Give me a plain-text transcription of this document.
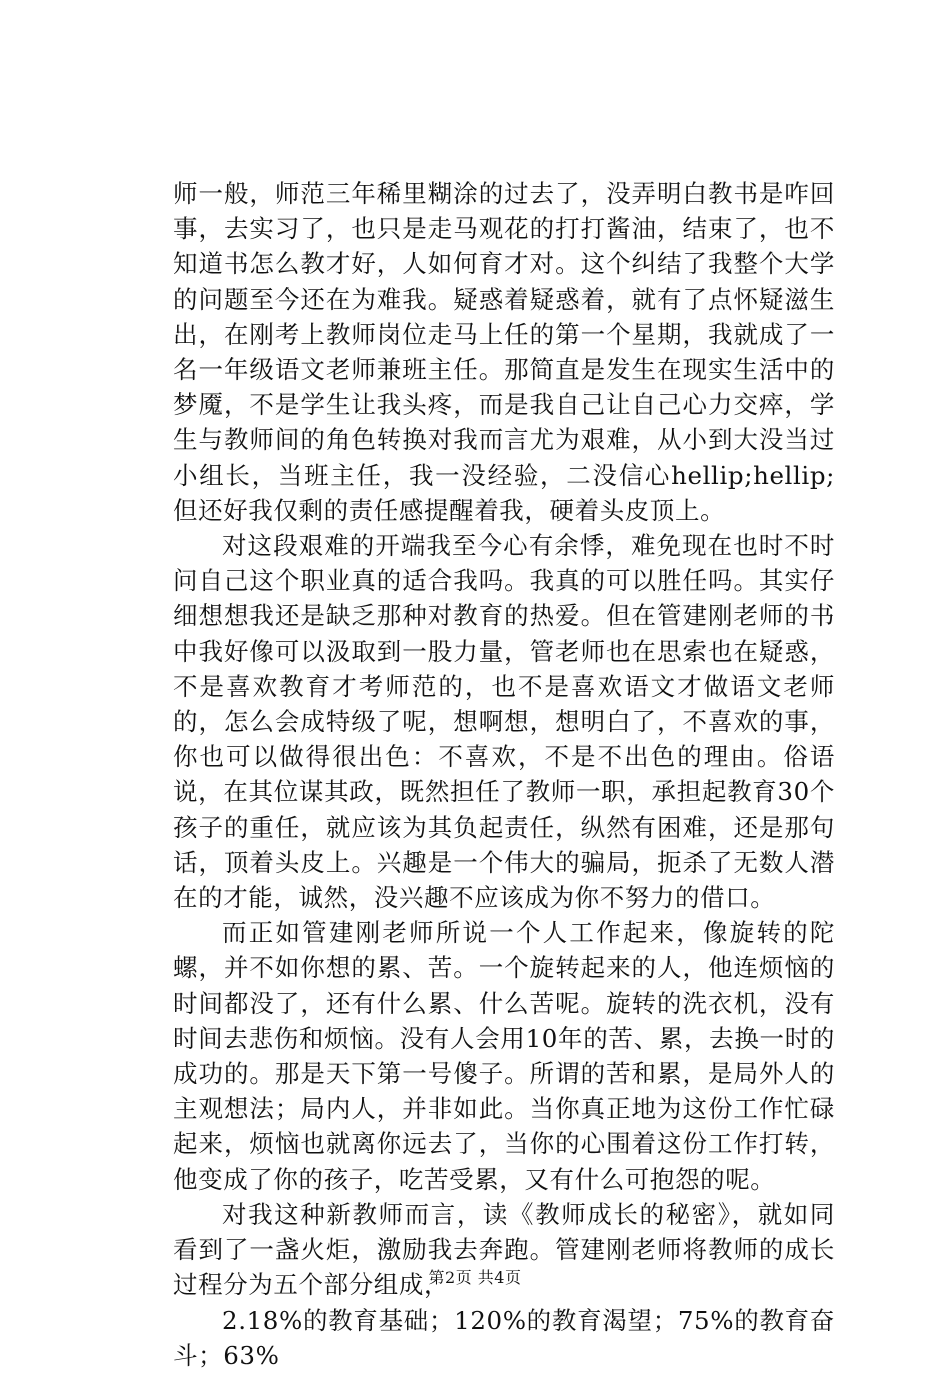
师一般，师范三年稀里糊涂的过去了，没弄明白教书是咋回事，去实习了，也只是走马观花的打打酱油，结束了，也不知道书怎么教才好，人如何育才对。这个纠结了我整个大学的问题至今还在为难我。疑惑着疑惑着，就有了点怀疑滋生出，在刚考上教师岗位走马上任的第一个星期，我就成了一名一年级语文老师兼班主任。那简直是发生在现实生活中的梦魇，不是学生让我头疼，而是我自己让自己心力交瘁，学生与教师间的角色转换对我而言尤为艰难，从小到大没当过小组长，当班主任，我一没经验，二没信心hellip;hellip;但还好我仅剩的责任感提醒着我，硬着头皮顶上。

对这段艰难的开端我至今心有余悸，难免现在也时不时问自己这个职业真的适合我吗。我真的可以胜任吗。其实仔细想想我还是缺乏那种对教育的热爱。但在管建刚老师的书中我好像可以汲取到一股力量，管老师也在思索也在疑惑，不是喜欢教育才考师范的，也不是喜欢语文才做语文老师的，怎么会成特级了呢，想啊想，想明白了，不喜欢的事，你也可以做得很出色：不喜欢，不是不出色的理由。俗语说，在其位谋其政，既然担任了教师一职，承担起教育30个孩子的重任，就应该为其负起责任，纵然有困难，还是那句话，顶着头皮上。兴趣是一个伟大的骗局，扼杀了无数人潜在的才能，诚然，没兴趣不应该成为你不努力的借口。

而正如管建刚老师所说一个人工作起来，像旋转的陀螺，并不如你想的累、苦。一个旋转起来的人，他连烦恼的时间都没了，还有什么累、什么苦呢。旋转的洗衣机，没有时间去悲伤和烦恼。没有人会用10年的苦、累，去换一时的成功的。那是天下第一号傻子。所谓的苦和累，是局外人的主观想法；局内人，并非如此。当你真正地为这份工作忙碌起来，烦恼也就离你远去了，当你的心围着这份工作打转，他变成了你的孩子，吃苦受累，又有什么可抱怨的呢。

对我这种新教师而言，读《教师成长的秘密》，就如同看到了一盏火炬，激励我去奔跑。管建刚老师将教师的成长过程分为五个部分组成，

2.18%的教育基础；120%的教育渴望；75%的教育奋斗；63%

第2页 共4页
